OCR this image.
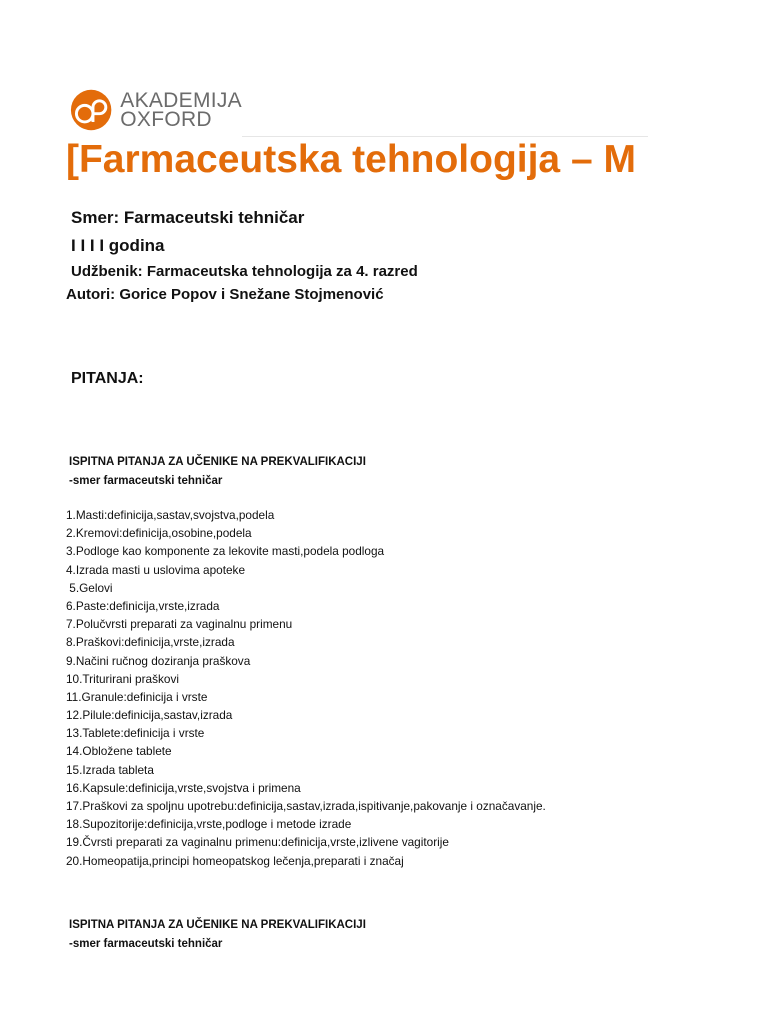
AKADEMIJA
OXFORD
[Farmaceutska tehnologija – M
Smer: Farmaceutski tehničar
I I I I godina
Udžbenik: Farmaceutska tehnologija za 4. razred
Autori: Gorice Popov i Snežane Stojmenović
PITANJA:
ISPITNA PITANJA ZA UČENIKE NA PREKVALIFIKACIJI
-smer farmaceutski tehničar
1.Masti:definicija,sastav,svojstva,podela
2.Kremovi:definicija,osobine,podela
3.Podloge kao komponente za lekovite masti,podela podloga
4.Izrada masti u uslovima apoteke
5.Gelovi
6.Paste:definicija,vrste,izrada
7.Polučvrsti preparati za vaginalnu primenu
8.Praškovi:definicija,vrste,izrada
9.Načini ručnog doziranja praškova
10.Triturirani praškovi
11.Granule:definicija i vrste
12.Pilule:definicija,sastav,izrada
13.Tablete:definicija i vrste
14.Obložene tablete
15.Izrada tableta
16.Kapsule:definicija,vrste,svojstva i primena
17.Praškovi za spoljnu upotrebu:definicija,sastav,izrada,ispitivanje,pakovanje i označavanje.
18.Supozitorije:definicija,vrste,podloge i metode izrade
19.Čvrsti preparati za vaginalnu primenu:definicija,vrste,izlivene vagitorije
20.Homeopatija,principi homeopatskog lečenja,preparati i značaj
ISPITNA PITANJA ZA UČENIKE NA PREKVALIFIKACIJI
-smer farmaceutski tehničar
